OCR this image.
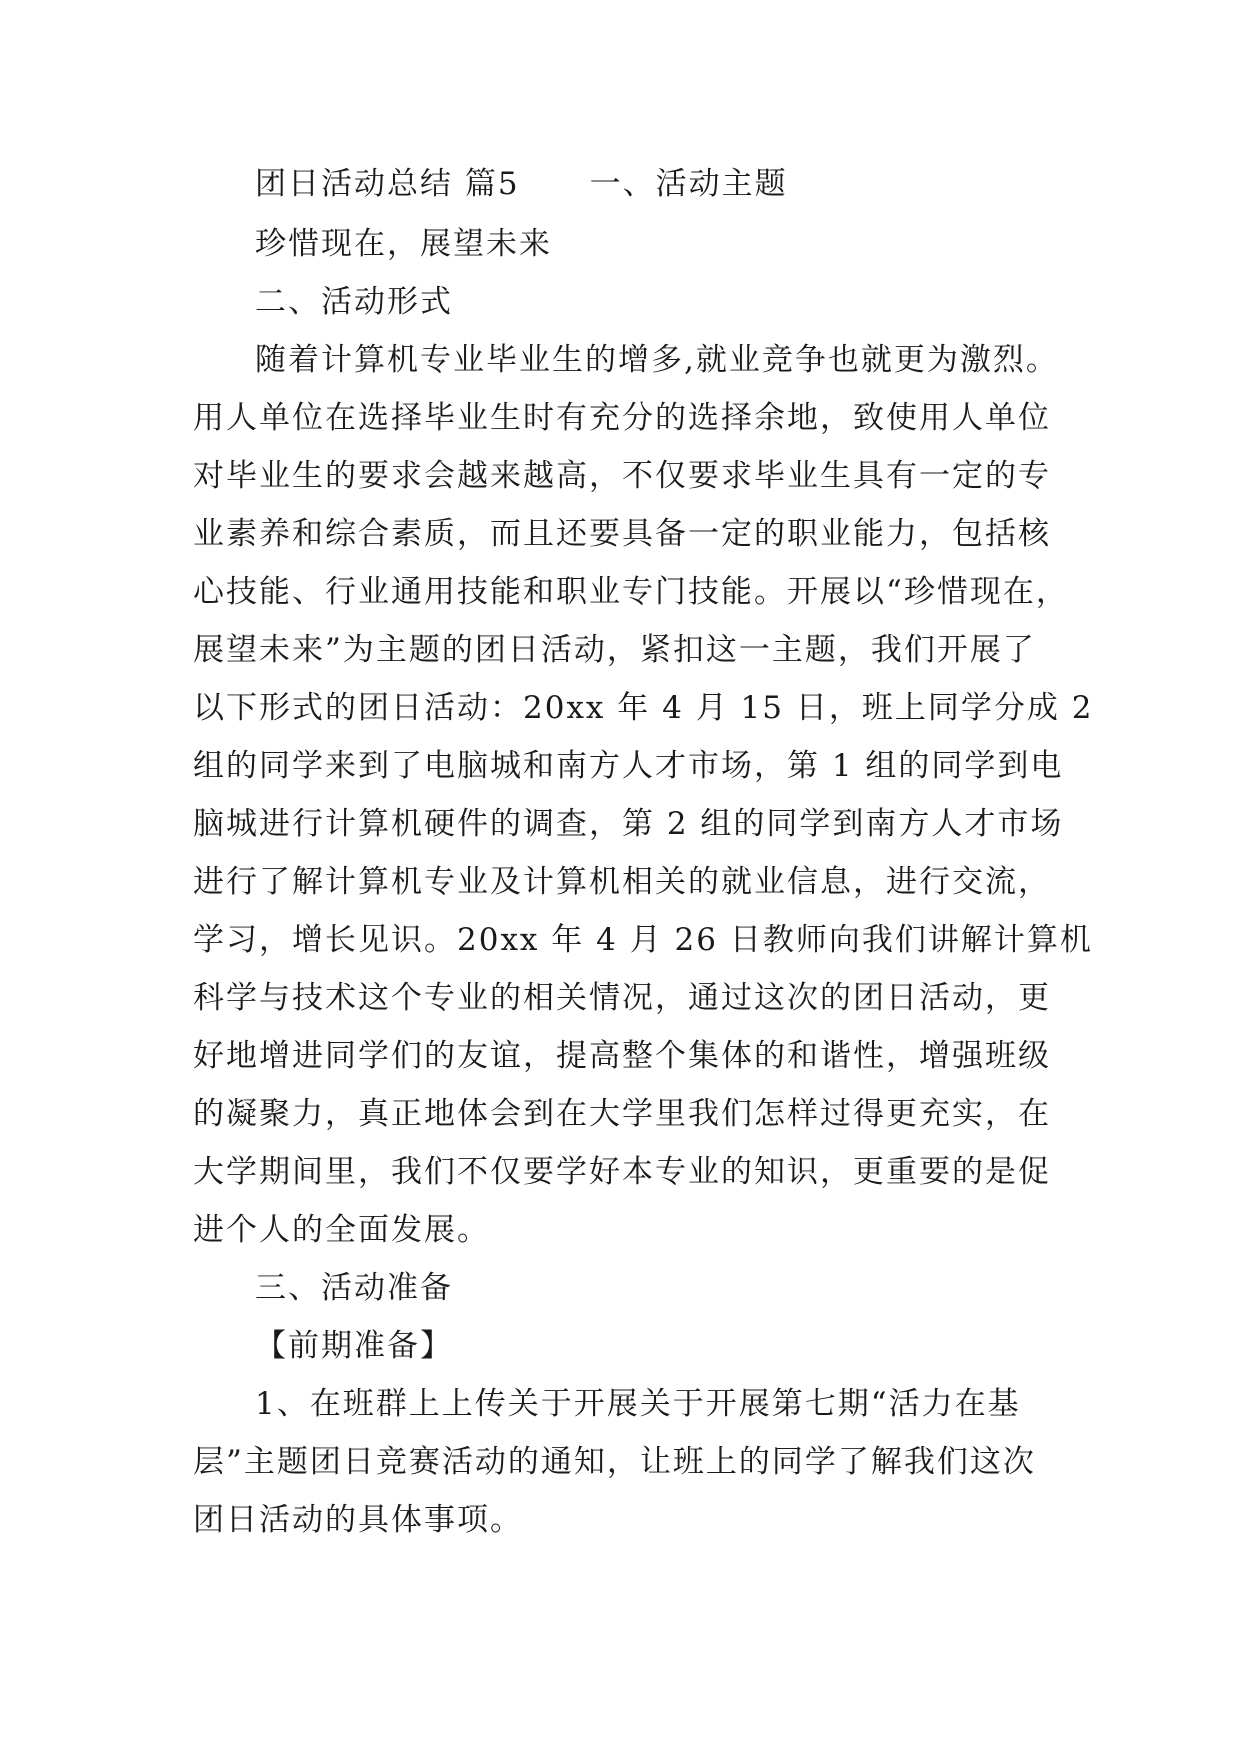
团日活动总结 篇5 一、活动主题
珍惜现在，展望未来
二、活动形式
随着计算机专业毕业生的增多,就业竞争也就更为激烈。
用人单位在选择毕业生时有充分的选择余地，致使用人单位
对毕业生的要求会越来越高，不仅要求毕业生具有一定的专
业素养和综合素质，而且还要具备一定的职业能力，包括核
心技能、行业通用技能和职业专门技能。开展以“珍惜现在，
展望未来”为主题的团日活动，紧扣这一主题，我们开展了
以下形式的团日活动：20xx 年 4 月 15 日，班上同学分成 2
组的同学来到了电脑城和南方人才市场，第 1 组的同学到电
脑城进行计算机硬件的调查，第 2 组的同学到南方人才市场
进行了解计算机专业及计算机相关的就业信息，进行交流，
学习，增长见识。20xx 年 4 月 26 日教师向我们讲解计算机
科学与技术这个专业的相关情况，通过这次的团日活动，更
好地增进同学们的友谊，提高整个集体的和谐性，增强班级
的凝聚力，真正地体会到在大学里我们怎样过得更充实，在
大学期间里，我们不仅要学好本专业的知识，更重要的是促
进个人的全面发展。
三、活动准备
【前期准备】
1、在班群上上传关于开展关于开展第七期“活力在基
层”主题团日竞赛活动的通知，让班上的同学了解我们这次
团日活动的具体事项。
